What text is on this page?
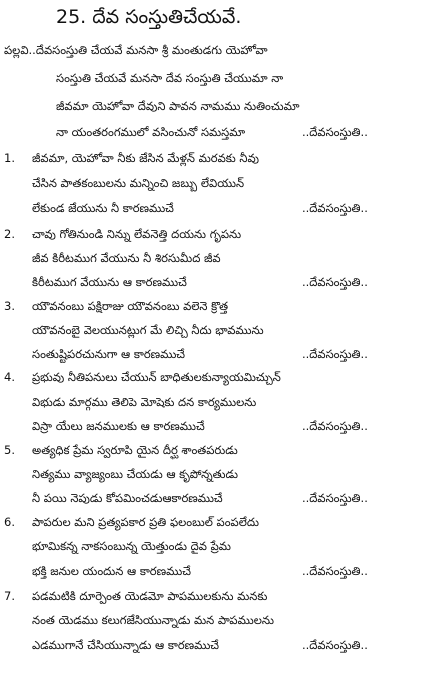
25. దేవ సంస్తుతిచేయవే.
పల్లవి..దేవసంస్తుతి చేయవే మనసా శ్రీ మంతుడగు యెహోవా
సంస్తుతి చేయవే మనసా దేవ సంస్తుతి చేయుమా నా
జీవమా యెహోవా దేవుని పావన నామము నుతించుమా
నా యంతరంగములో వసించునో సమస్తమా	..దేవసంస్తుతి..
1. జీవమా, యెహోవా నీకు జేసిన మేళ్లన్ మరవకు నీవు
చేసిన పాతకంబులను మన్నించి జబ్బు లేవియున్
లేకుండ జేయును నీ కారణముచే	..దేవసంస్తుతి..
2. చావు గోతినుండి నిన్ను లేవనెత్తి దయను గృపను
జీవ కిరీటముగ వేయును నీ శిరసుమీద జీవ
కిరీటముగ వేయును ఆ కారణముచే	..దేవసంస్తుతి..
3. యౌవనంబు పక్షిరాజు యౌవనంబు వలెనె క్రొత్త
యౌవనంబై వెలయునట్లుగ మే లిచ్చి నీదు భావమును
సంతుష్టిపరచునుగా ఆ కారణముచే	..దేవసంస్తుతి..
4. ప్రభువు నీతిపనులు చేయున్ బాధితులకున్యాయమిచ్చున్
విభుడు మార్గము తెలిపె మోషెకు దన కార్యములను
విస్రా యేలు జనములకు ఆ కారణముచే	..దేవసంస్తుతి..
5. అత్యధిక ప్రేమ స్వరూపి యైన దీర్ఘ శాంతపరుడు
నిత్యము వ్యాజ్యంబు చేయడు ఆ కృపోన్నతుడు
నీ పయి నెపుడు కోపమించడుఆకారణముచే	..దేవసంస్తుతి..
6. పాపరుల మని ప్రత్యపకార ప్రతి ఫలంబుల్ పంపలేదు
భూమికన్న నాకసంబున్న యెత్తుండు దైవ ప్రేమ
భక్తి జనుల యందున ఆ కారణముచే	..దేవసంస్తుతి..
7. పడమటికి దూర్పెంత యెడమో పాపములకును మనకు
నంత యెడము కలుగజేసియున్నాడు మన పాపములను
ఎడముగానే చేసియున్నాడు ఆ కారణముచే	..దేవసంస్తుతి..
